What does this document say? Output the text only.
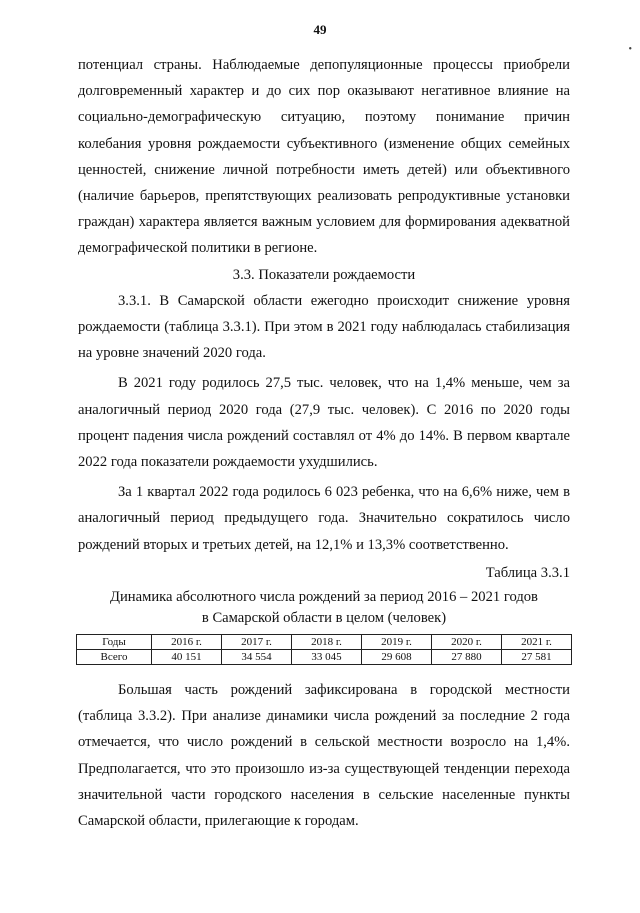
49
•

потенциал страны. Наблюдаемые депопуляционные процессы приобрели долговременный характер и до сих пор оказывают негативное влияние на социально-демографическую ситуацию, поэтому понимание причин колебания уровня рождаемости субъективного (изменение общих семейных ценностей, снижение личной потребности иметь детей) или объективного (наличие барьеров, препятствующих реализовать репродуктивные установки граждан) характера является важным условием для формирования адекватной демографической политики в регионе.

3.3. Показатели рождаемости

3.3.1. В Самарской области ежегодно происходит снижение уровня рождаемости (таблица 3.3.1). При этом в 2021 году наблюдалась стабилизация на уровне значений 2020 года.

В 2021 году родилось 27,5 тыс. человек, что на 1,4% меньше, чем за аналогичный период 2020 года (27,9 тыс. человек). С 2016 по 2020 годы процент падения числа рождений составлял от 4% до 14%. В первом квартале 2022 года показатели рождаемости ухудшились.

За 1 квартал 2022 года родилось 6 023 ребенка, что на 6,6% ниже, чем в аналогичный период предыдущего года. Значительно сократилось число рождений вторых и третьих детей, на 12,1% и 13,3% соответственно.

Таблица 3.3.1

Динамика абсолютного числа рождений за период 2016 – 2021 годов

в Самарской области в целом (человек)

Годы	2016 г.	2017 г.	2018 г.	2019 г.	2020 г.	2021 г.
Всего	40 151	34 554	33 045	29 608	27 880	27 581

Большая часть рождений зафиксирована в городской местности (таблица 3.3.2). При анализе динамики числа рождений за последние 2 года отмечается, что число рождений в сельской местности возросло на 1,4%. Предполагается, что это произошло из-за существующей тенденции перехода значительной части городского населения в сельские населенные пункты Самарской области, прилегающие к городам.
